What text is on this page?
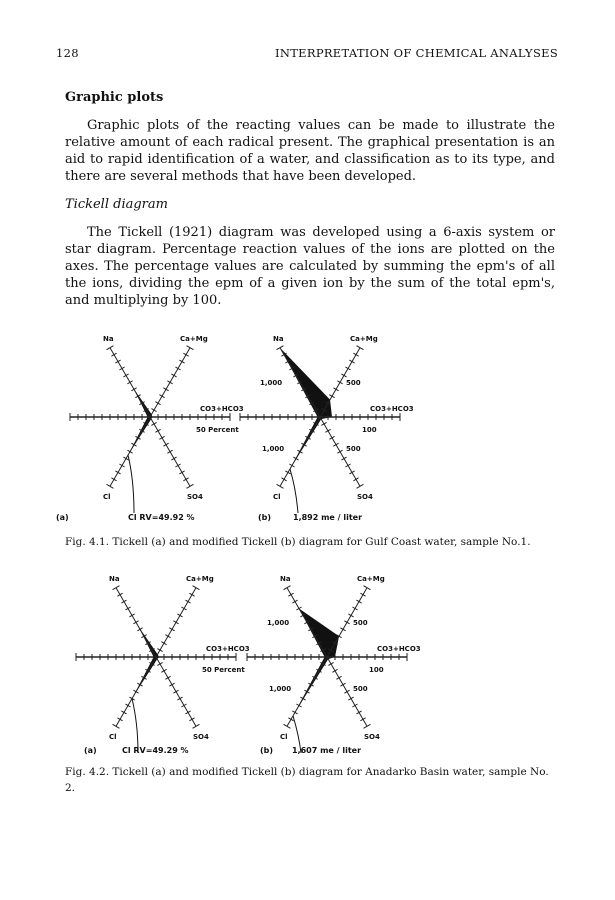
128	INTERPRETATION OF CHEMICAL ANALYSES
Graphic plots
Graphic plots of the reacting values can be made to illustrate the relative amount of each radical present. The graphical presentation is an aid to rapid identification of a water, and classification as to its type, and there are several methods that have been developed.
Tickell diagram
The Tickell (1921) diagram was developed using a 6-axis system or star diagram. Percentage reaction values of the ions are plotted on the axes. The percentage values are calculated by summing the epm's of all the ions, dividing the epm of a given ion by the sum of the total epm's, and multiplying by 100.
Na	Ca+Mg
CO3+HCO3
Cl	SO4
50 Percent
Na	Ca+Mg
CO3+HCO3
Cl	SO4
1,000	500
100
1,000	500
(a)	Cl RV=49.92 %	(b)	1,892 me / liter
Fig. 4.1. Tickell (a) and modified Tickell (b) diagram for Gulf Coast water, sample No.1.
Na	Ca+Mg
CO3+HCO3
Cl	SO4
50 Percent
Na	Ca+Mg
CO3+HCO3
Cl	SO4
1,000	500
100
1,000	500
(a)	Cl RV=49.29 %	(b) 1,607 me / liter
Fig. 4.2. Tickell (a) and modified Tickell (b) diagram for Anadarko Basin water, sample No. 2.
